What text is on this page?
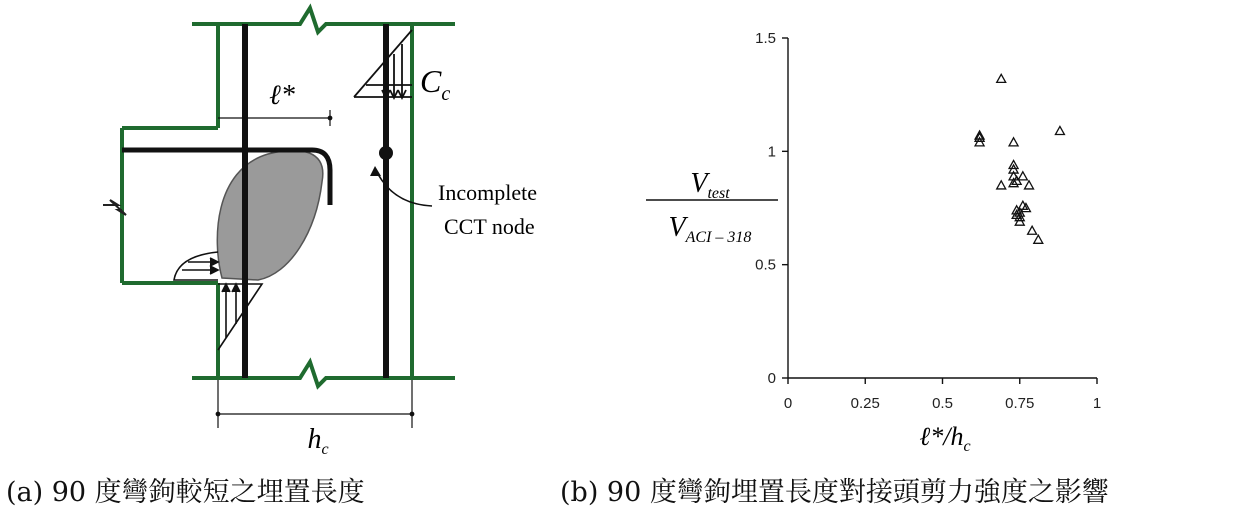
ℓ*	$C_c$
Incomplete
CCT node
$h_c$
0
0.5
1
1.5
0	0.25	0.5	0.75	1
$V_{test}$
$V_{ACI - 318}$
$\ell*/h_c$
(a) 90 度彎鉤較短之埋置長度	(b) 90 度彎鉤埋置長度對接頭剪力強度之影響
